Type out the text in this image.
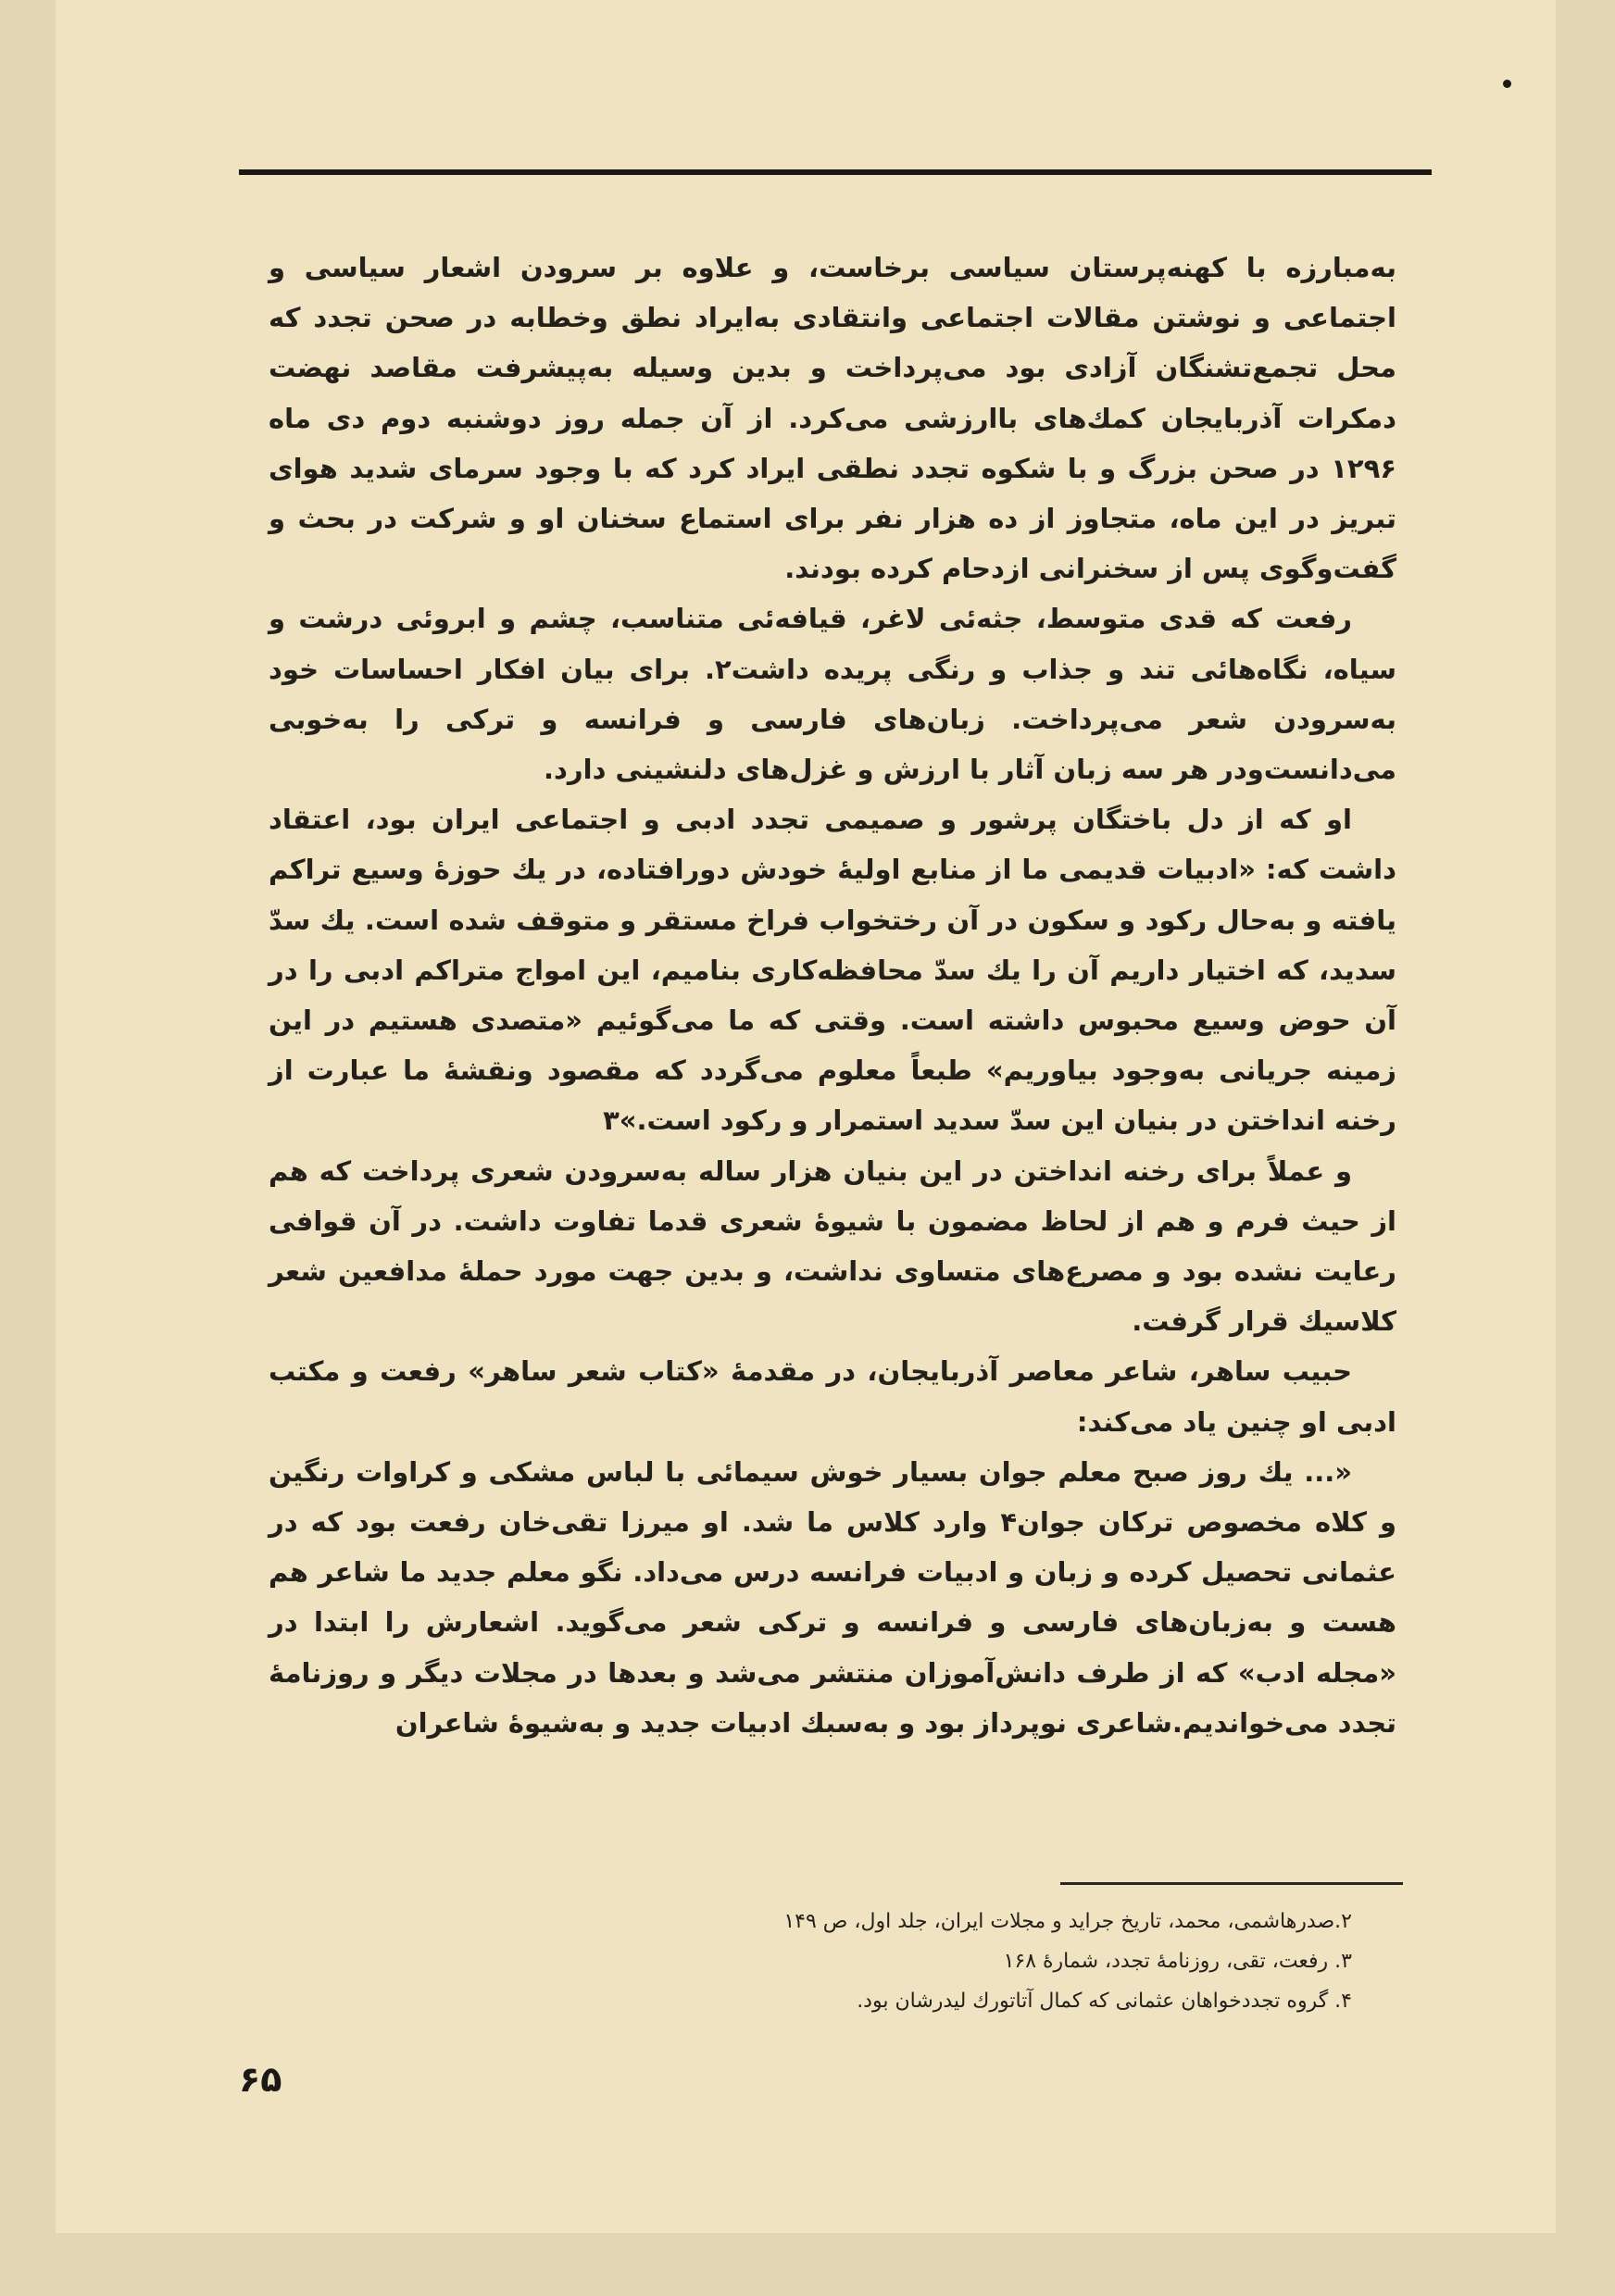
به‌مبارزه با کهنه‌پرستان سیاسی برخاست، و علاوه بر سرودن اشعار سیاسی و اجتماعی و نوشتن مقالات اجتماعی وانتقادی به‌ایراد نطق وخطابه در صحن تجدد که محل تجمع‌تشنگان آزادی بود می‌پرداخت و بدین وسیله به‌پیشرفت مقاصد نهضت دمکرات آذربایجان کمك‌های باارزشی می‌کرد. از آن جمله روز دوشنبه دوم دی ماه ۱۲۹۶ در صحن بزرگ و با شکوه تجدد نطقی ایراد کرد که با وجود سرمای شدید هوای تبریز در این ماه، متجاوز از ده هزار نفر برای استماع سخنان او و شرکت در بحث و گفت‌وگوی پس از سخنرانی ازدحام کرده بودند.

رفعت که قدی متوسط، جثه‌ئی لاغر، قیافه‌ئی متناسب، چشم و ابروئی درشت و سیاه، نگاه‌هائی تند و جذاب و رنگی پریده داشت۲. برای بیان افکار احساسات خود به‌سرودن شعر می‌پرداخت. زبان‌های فارسی و فرانسه و ترکی را به‌خوبی می‌دانست‌ودر هر سه زبان آثار با ارزش و غزل‌های دلنشینی دارد.

او که از دل باختگان پرشور و صمیمی تجدد ادبی و اجتماعی ایران بود، اعتقاد داشت که: «ادبیات قدیمی ما از منابع اولیهٔ خودش دورافتاده، در یك حوزهٔ وسیع تراکم یافته و به‌حال رکود و سکون در آن رختخواب فراخ مستقر و متوقف شده است. یك سدّ سدید، که اختیار داریم آن را یك سدّ محافظه‌کاری بنامیم، این امواج متراکم ادبی را در آن حوض وسیع محبوس داشته است. وقتی که ما می‌گوئیم «متصدی هستیم در این زمینه جریانی به‌وجود بیاوریم» طبعاً معلوم می‌گردد که مقصود ونقشهٔ ما عبارت از رخنه انداختن در بنیان این سدّ سدید استمرار و رکود است.»۳

و عملاً برای رخنه انداختن در این بنیان هزار ساله به‌سرودن شعری پرداخت که هم از حیث فرم و هم از لحاظ مضمون با شیوهٔ شعری قدما تفاوت داشت. در آن قوافی رعایت نشده بود و مصرع‌های متساوی نداشت، و بدین جهت مورد حملهٔ مدافعین شعر کلاسیك قرار گرفت.

حبیب ساهر، شاعر معاصر آذربایجان، در مقدمهٔ «کتاب شعر ساهر» رفعت و مکتب ادبی او چنین یاد می‌کند:

«... یك روز صبح معلم جوان بسیار خوش سیمائی با لباس مشکی و کراوات رنگین و کلاه مخصوص ترکان جوان۴ وارد کلاس ما شد. او میرزا تقی‌خان رفعت بود که در عثمانی تحصیل کرده و زبان و ادبیات فرانسه درس می‌داد. نگو معلم جدید ما شاعر هم هست و به‌زبان‌های فارسی و فرانسه و ترکی شعر می‌گوید. اشعارش را ابتدا در «مجله ادب» که از طرف دانش‌آموزان منتشر می‌شد و بعدها در مجلات دیگر و روزنامهٔ تجدد می‌خواندیم.شاعری نوپرداز بود و به‌سبك ادبیات جدید و به‌شیوهٔ شاعران

۲.صدرهاشمی، محمد، تاریخ جراید و مجلات ایران، جلد اول، ص ۱۴۹
۳. رفعت، تقی، روزنامهٔ تجدد، شمارهٔ ۱۶۸
۴. گروه تجددخواهان عثمانی که کمال آتاتورك لیدرشان بود.
۶۵
